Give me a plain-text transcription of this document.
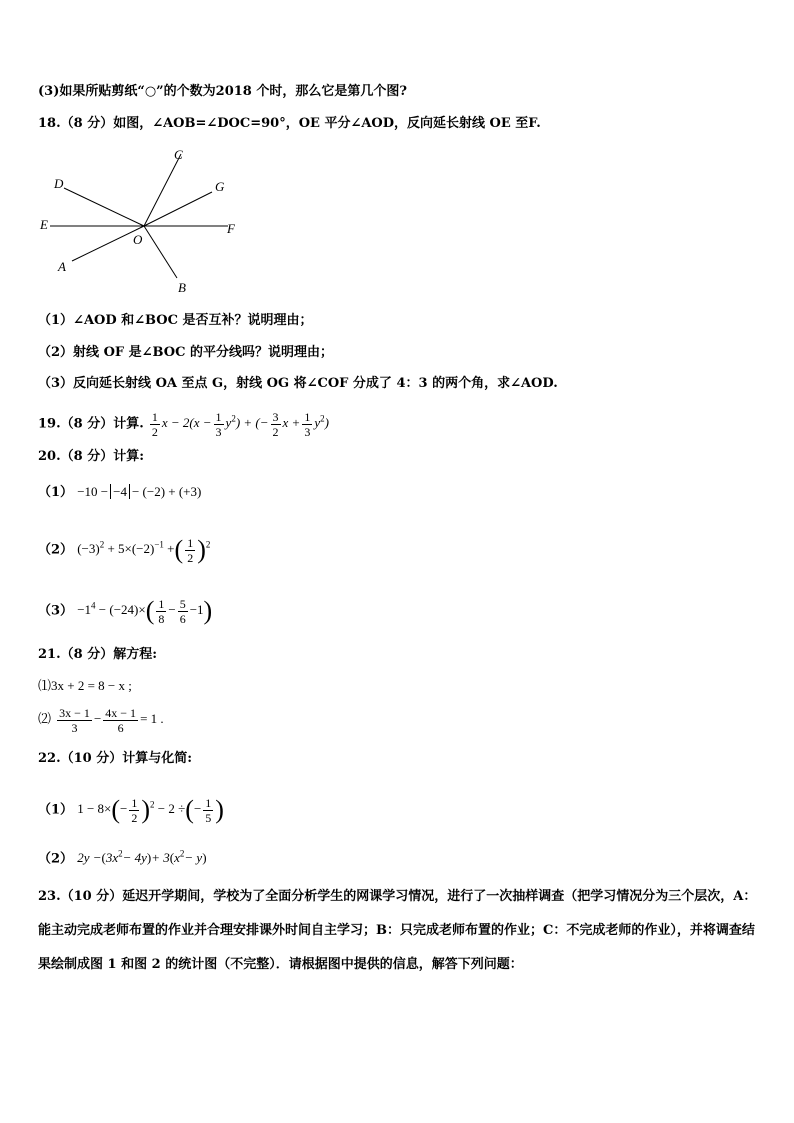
(3)如果所贴剪纸“○”的个数为2018 个时，那么它是第几个图?
18.（8 分）如图，∠AOB=∠DOC=90°，OE 平分∠AOD，反向延长射线 OE 至F.
C
D	G
E	F
O
A
B
（1）∠AOD 和∠BOC 是否互补？说明理由；
（2）射线 OF 是∠BOC 的平分线吗？说明理由；
（3）反向延长射线 OA 至点 G，射线 OG 将∠COF 分成了 4：3 的两个角，求∠AOD.
19.（8 分）计算. $\frac{1}{2}$ $x - 2(x - \frac{1}{3} y^2)$ + (− $\frac{3}{2}$ $x + \frac{1}{3} y^2$)
20.（8 分）计算:
（1） −10 − −4 − (−2) + (+3)
（2） $(-3)^2 + 5\times(-2)^{-1}$ +( $\frac{1}{2} )^2$
$(3) -1^4 - (-24)\times( \frac{1}{8} - \frac{5}{6} -1)$
21.（8 分）解方程:
⑴3x + 2 = 8 − x ;
⑵ $\frac{3x - 1}{3} - \frac{4x - 1}{6} = 1$ .
22.（10 分）计算与化简:
（1） $1 - 8\times(- \frac{1}{2} )^2 - 2$ ÷(− $\frac{1}{5}$ )
（2） $2y -(3x^2- 4y)+ 3(x^2- y)$
23.（10 分）延迟开学期间，学校为了全面分析学生的网课学习情况，进行了一次抽样调查（把学习情况分为三个层次，A：能主动完成老师布置的作业并合理安排课外时间自主学习；B：只完成老师布置的作业；C：不完成老师的作业），并将调查结果绘制成图 1 和图 2 的统计图（不完整）．请根据图中提供的信息，解答下列问题：
